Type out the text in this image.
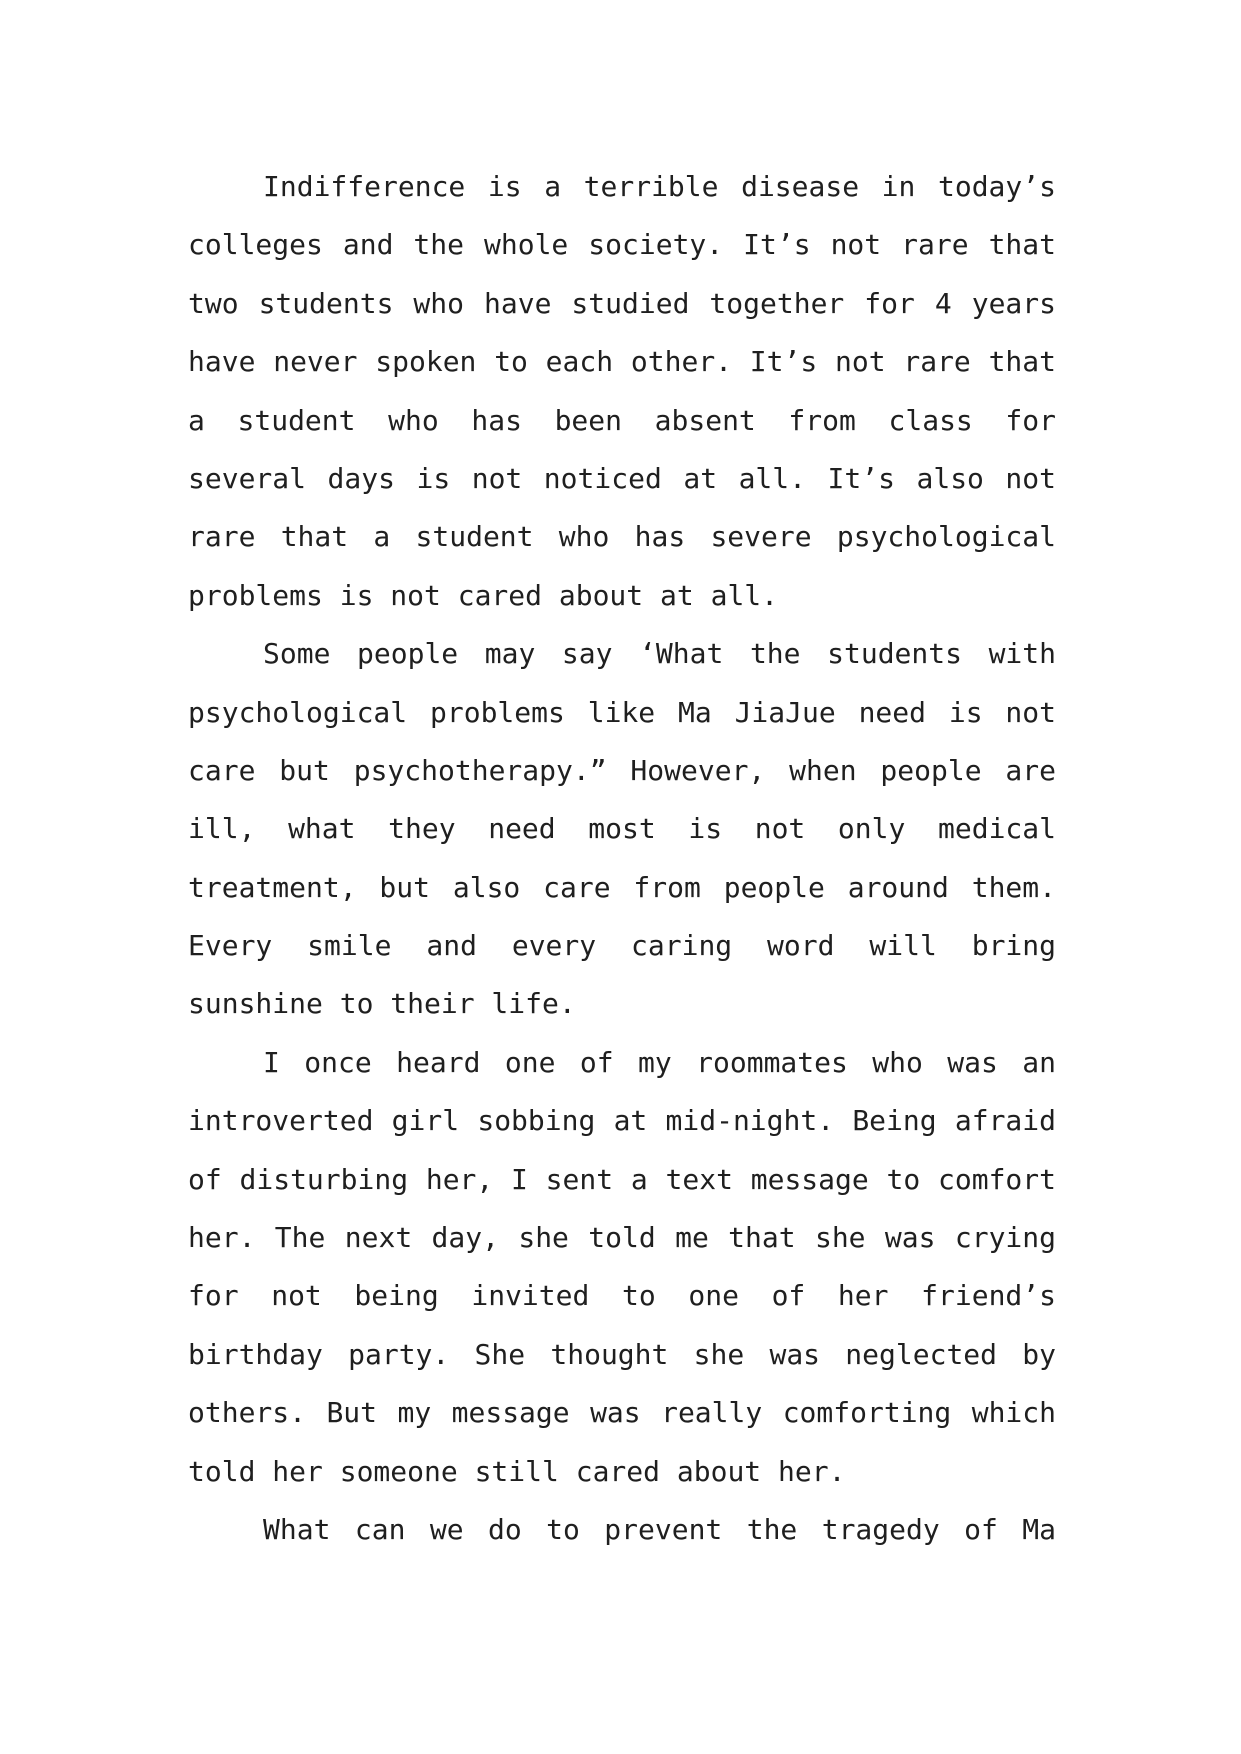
Indifference is a terrible disease in today’s
colleges and the whole society. It’s not rare that
two students who have studied together for 4 years
have never spoken to each other. It’s not rare that
a student who has been absent from class for
several days is not noticed at all. It’s also not
rare that a student who has severe psychological
problems is not cared about at all.
Some people may say ‘What the students with
psychological problems like Ma JiaJue need is not
care but psychotherapy.” However, when people are
ill, what they need most is not only medical
treatment, but also care from people around them.
Every smile and every caring word will bring
sunshine to their life.
I once heard one of my roommates who was an
introverted girl sobbing at mid-night. Being afraid
of disturbing her, I sent a text message to comfort
her. The next day, she told me that she was crying
for not being invited to one of her friend’s
birthday party. She thought she was neglected by
others. But my message was really comforting which
told her someone still cared about her.
What can we do to prevent the tragedy of Ma
